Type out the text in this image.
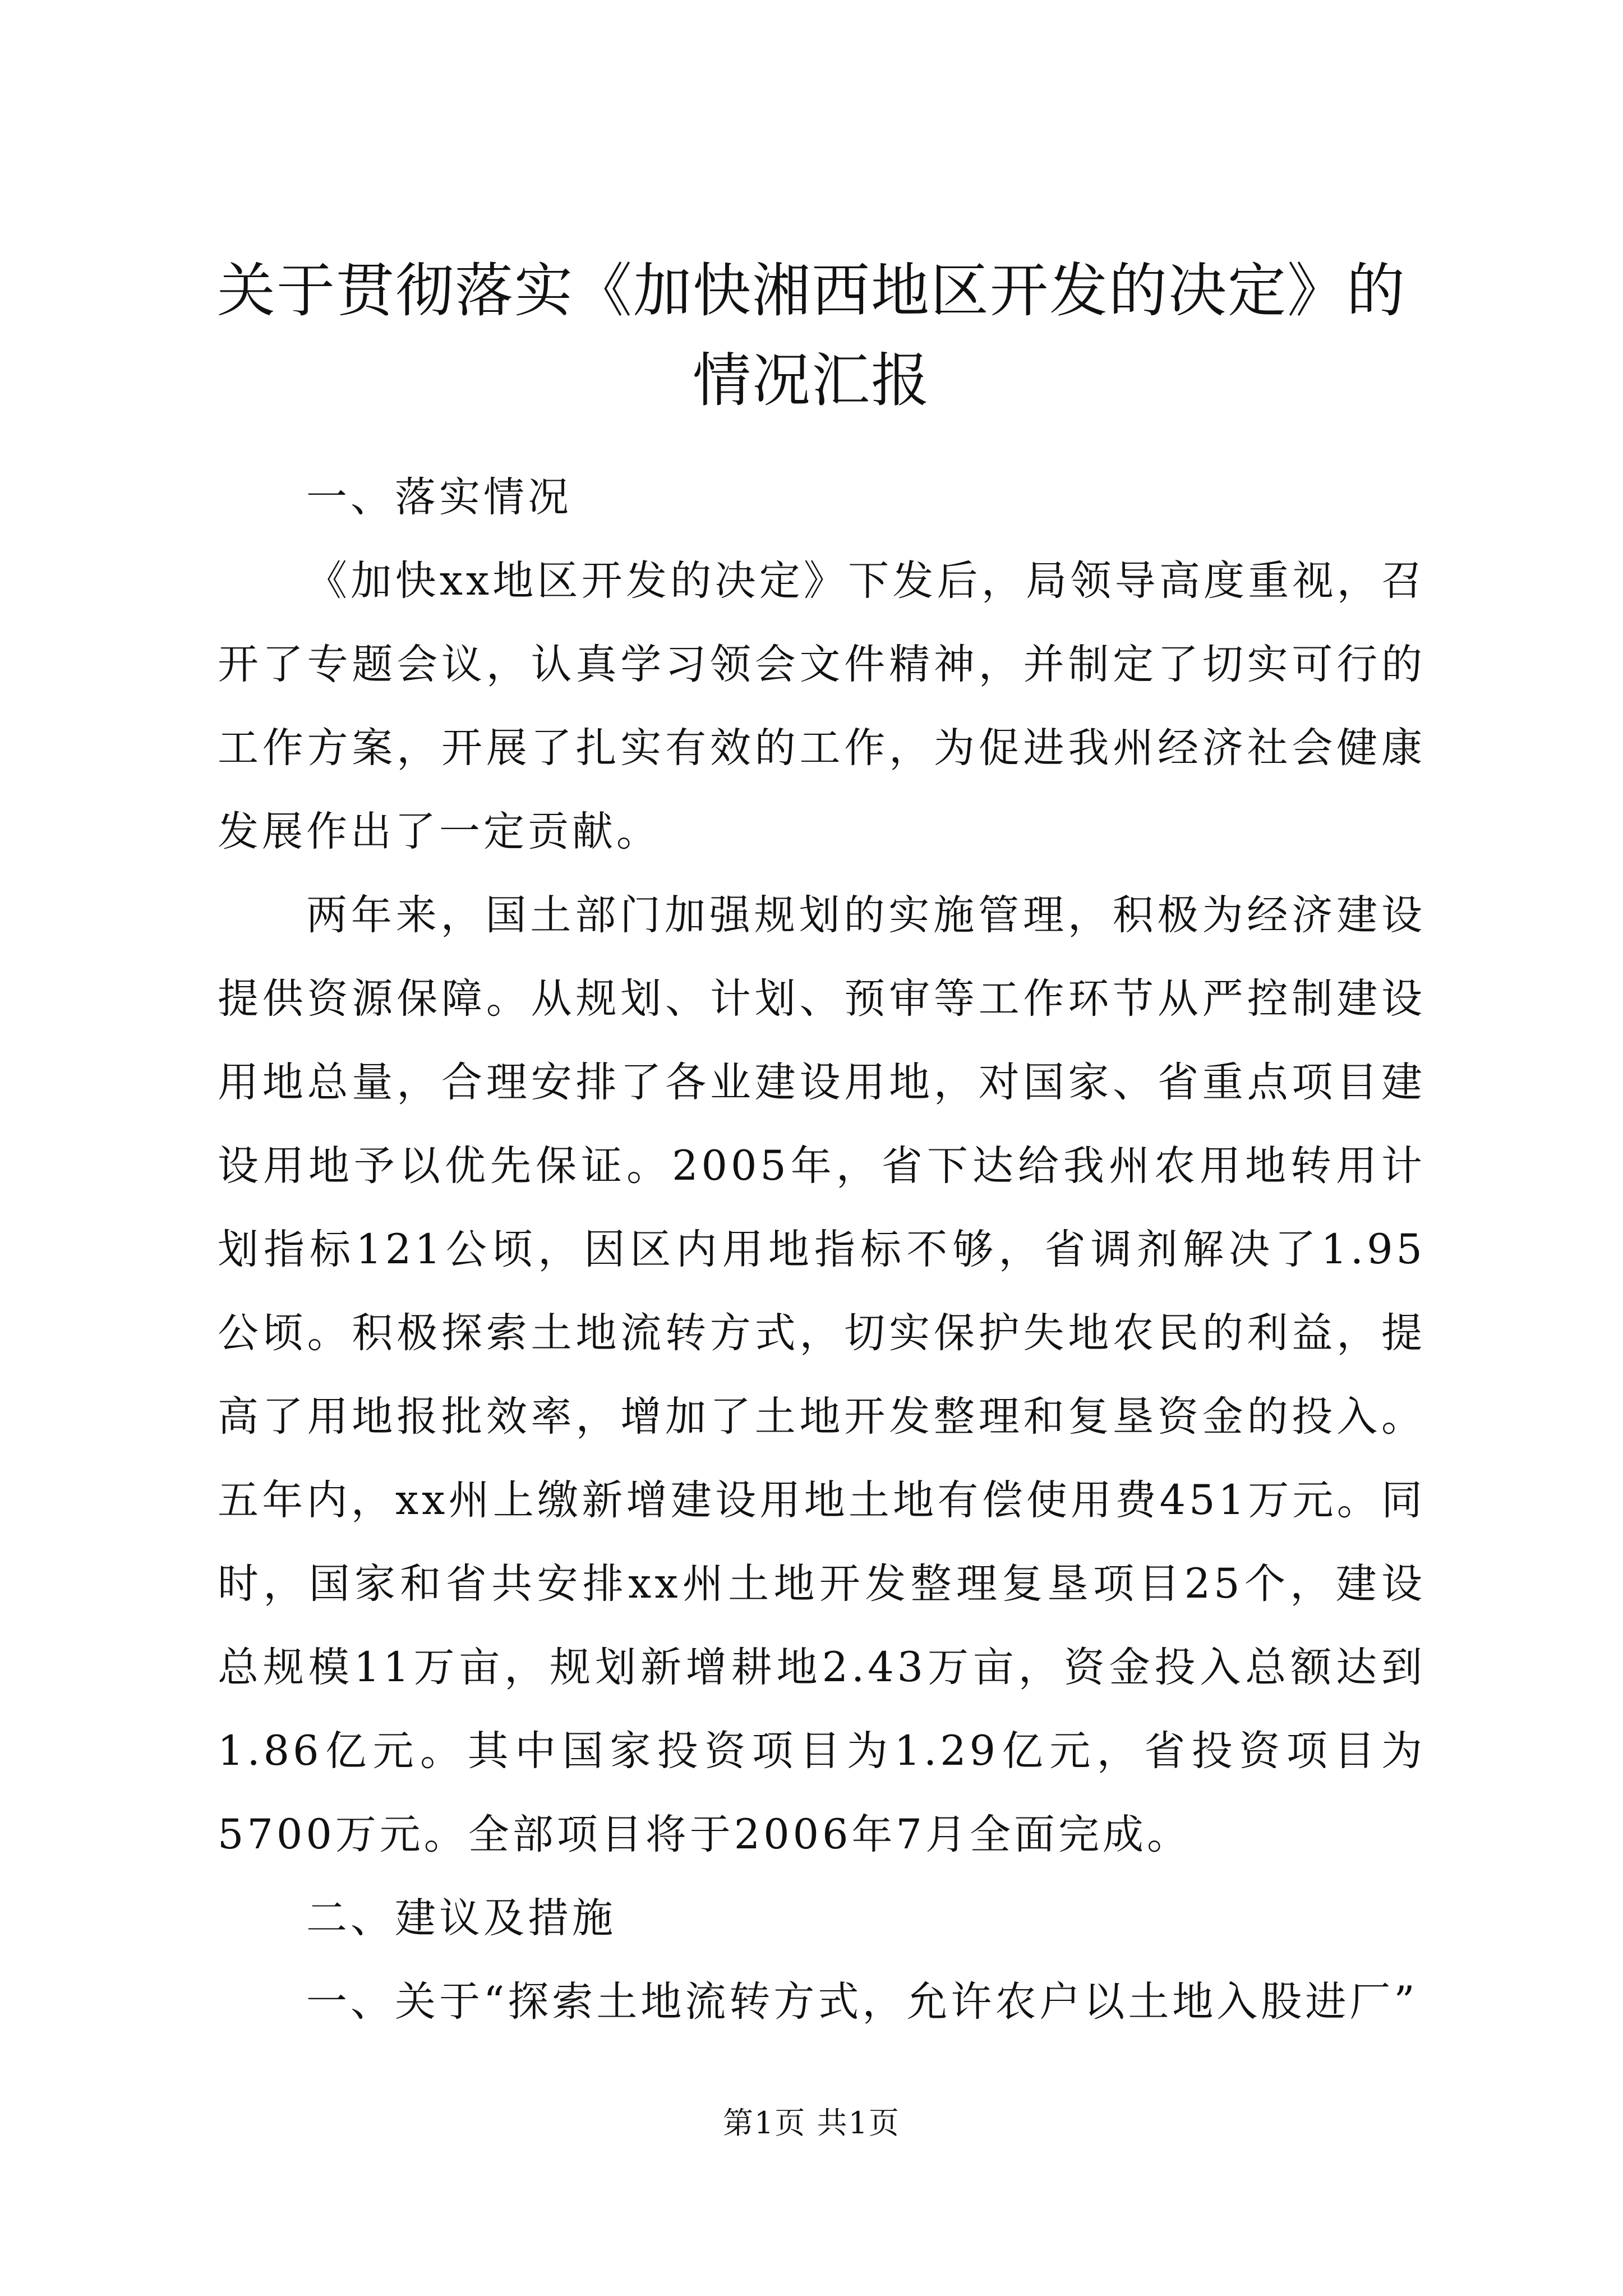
关于贯彻落实《加快湘西地区开发的决定》的
情况汇报

一、落实情况

《加快xx地区开发的决定》下发后，局领导高度重视，召开了专题会议，认真学习领会文件精神，并制定了切实可行的工作方案，开展了扎实有效的工作，为促进我州经济社会健康发展作出了一定贡献。

两年来，国土部门加强规划的实施管理，积极为经济建设提供资源保障。从规划、计划、预审等工作环节从严控制建设用地总量，合理安排了各业建设用地，对国家、省重点项目建设用地予以优先保证。2005年，省下达给我州农用地转用计划指标121公顷，因区内用地指标不够，省调剂解决了1.95公顷。积极探索土地流转方式，切实保护失地农民的利益，提高了用地报批效率，增加了土地开发整理和复垦资金的投入。五年内，xx州上缴新增建设用地土地有偿使用费451万元。同时，国家和省共安排xx州土地开发整理复垦项目25个，建设总规模11万亩，规划新增耕地2.43万亩，资金投入总额达到1.86亿元。其中国家投资项目为1.29亿元，省投资项目为5700万元。全部项目将于2006年7月全面完成。

二、建议及措施

一、关于“探索土地流转方式，允许农户以土地入股进厂”

第1页 共1页
